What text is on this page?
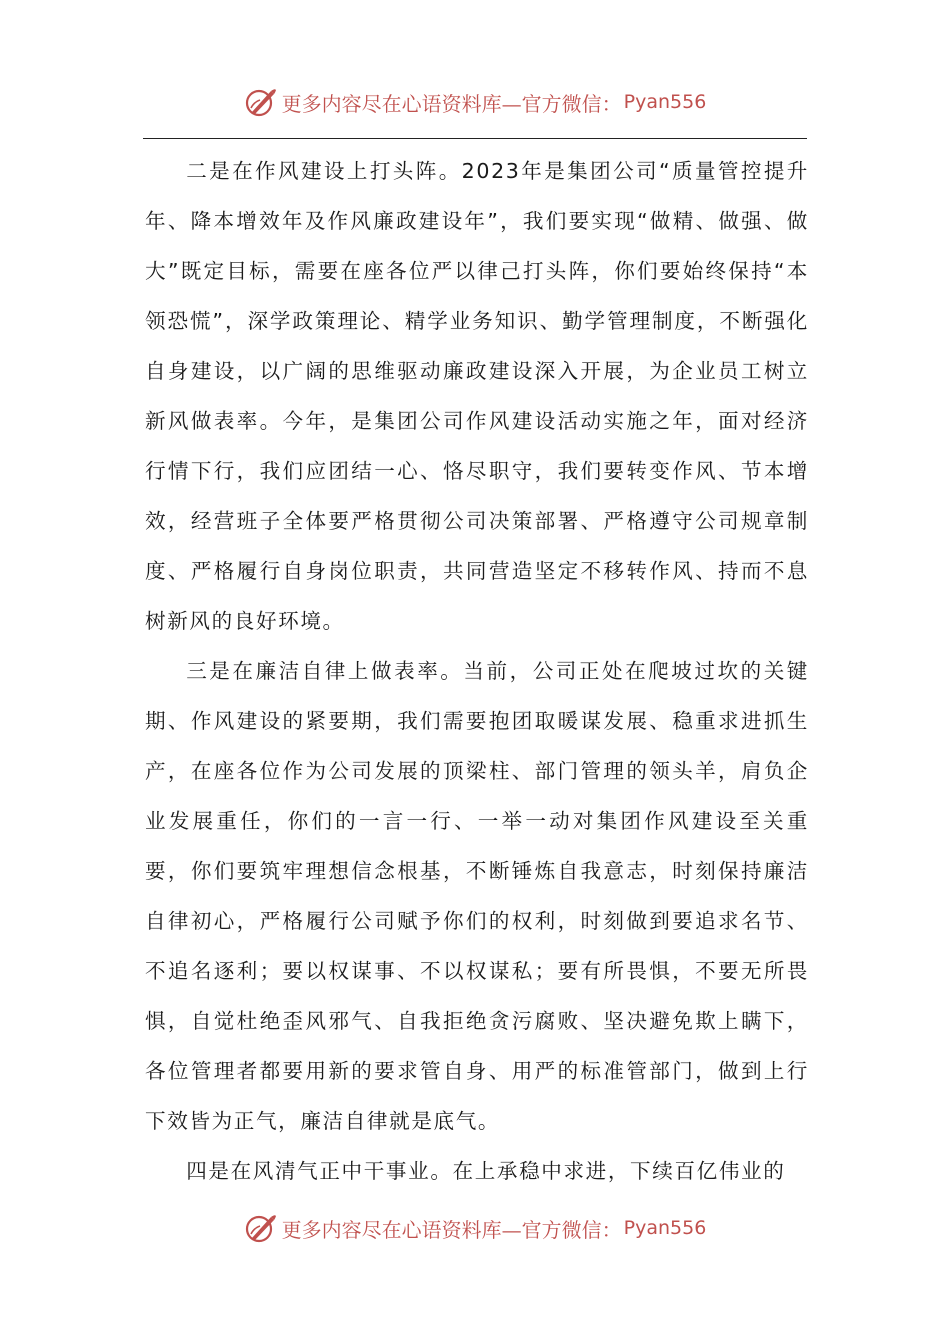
更多内容尽在心语资料库—官方微信： Pyan556

二是在作风建设上打头阵。2023年是集团公司“质量管控提升年、降本增效年及作风廉政建设年”，我们要实现“做精、做强、做大”既定目标，需要在座各位严以律己打头阵，你们要始终保持“本领恐慌”，深学政策理论、精学业务知识、勤学管理制度，不断强化自身建设，以广阔的思维驱动廉政建设深入开展，为企业员工树立新风做表率。今年，是集团公司作风建设活动实施之年，面对经济行情下行，我们应团结一心、恪尽职守，我们要转变作风、节本增效，经营班子全体要严格贯彻公司决策部署、严格遵守公司规章制度、严格履行自身岗位职责，共同营造坚定不移转作风、持而不息树新风的良好环境。

三是在廉洁自律上做表率。当前，公司正处在爬坡过坎的关键期、作风建设的紧要期，我们需要抱团取暖谋发展、稳重求进抓生产，在座各位作为公司发展的顶梁柱、部门管理的领头羊，肩负企业发展重任，你们的一言一行、一举一动对集团作风建设至关重要，你们要筑牢理想信念根基，不断锤炼自我意志，时刻保持廉洁自律初心，严格履行公司赋予你们的权利，时刻做到要追求名节、不追名逐利；要以权谋事、不以权谋私；要有所畏惧，不要无所畏惧，自觉杜绝歪风邪气、自我拒绝贪污腐败、坚决避免欺上瞒下，各位管理者都要用新的要求管自身、用严的标准管部门，做到上行下效皆为正气，廉洁自律就是底气。

四是在风清气正中干事业。在上承稳中求进，下续百亿伟业的

更多内容尽在心语资料库—官方微信： Pyan556
